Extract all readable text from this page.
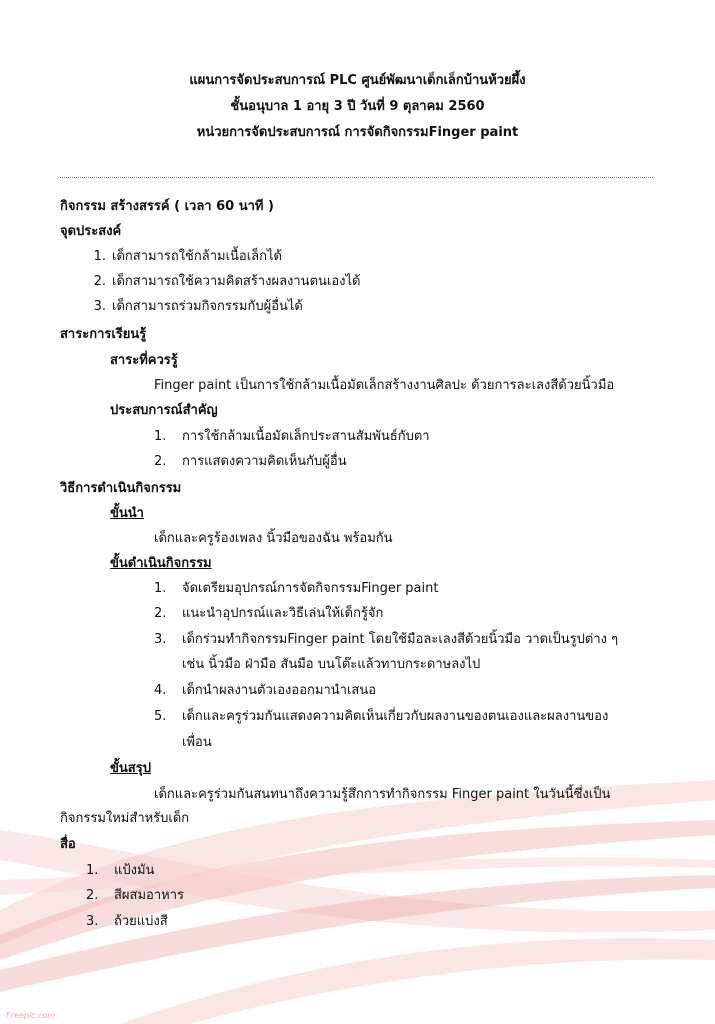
Freepic.com
แผนการจัดประสบการณ์ PLC ศูนย์พัฒนาเด็กเล็กบ้านห้วยผึ้ง
ชั้นอนุบาล 1 อายุ 3 ปี วันที่ 9 ตุลาคม 2560
หน่วยการจัดประสบการณ์ การจัดกิจกรรมFinger paint
กิจกรรม สร้างสรรค์ ( เวลา 60 นาที )
จุดประสงค์
1. เด็กสามารถใช้กล้ามเนื้อเล็กได้
2. เด็กสามารถใช้ความคิดสร้างผลงานตนเองได้
3. เด็กสามารถร่วมกิจกรรมกับผู้อื่นได้
สาระการเรียนรู้
สาระที่ควรรู้
Finger paint เป็นการใช้กล้ามเนื้อมัดเล็กสร้างงานศิลปะ ด้วยการละเลงสีด้วยนิ้วมือ
ประสบการณ์สำคัญ
1. การใช้กล้ามเนื้อมัดเล็กประสานสัมพันธ์กับตา
2. การแสดงความคิดเห็นกับผู้อื่น
วิธีการดำเนินกิจกรรม
ขั้นนำ
เด็กและครูร้องเพลง นิ้วมือของฉัน พร้อมกัน
ขั้นดำเนินกิจกรรม
1. จัดเตรียมอุปกรณ์การจัดกิจกรรมFinger paint
2. แนะนำอุปกรณ์และวิธีเล่นให้เด็กรู้จัก
3. เด็กร่วมทำกิจกรรมFinger paint โดยใช้มือละเลงสีด้วยนิ้วมือ วาดเป็นรูปต่าง ๆ
เช่น นิ้วมือ ฝ่ามือ สันมือ บนโต๊ะแล้วทาบกระดาษลงไป
4. เด็กนำผลงานตัวเองออกมานำเสนอ
5. เด็กและครูร่วมกันแสดงความคิดเห็นเกี่ยวกับผลงานของตนเองและผลงานของ
เพื่อน
ขั้นสรุป
เด็กและครูร่วมกันสนทนาถึงความรู้สึกการทำกิจกรรม Finger paint ในวันนี้ซึ่งเป็น
กิจกรรมใหม่สำหรับเด็ก
สื่อ
1. แป้งมัน
2. สีผสมอาหาร
3. ถ้วยแบ่งสี
